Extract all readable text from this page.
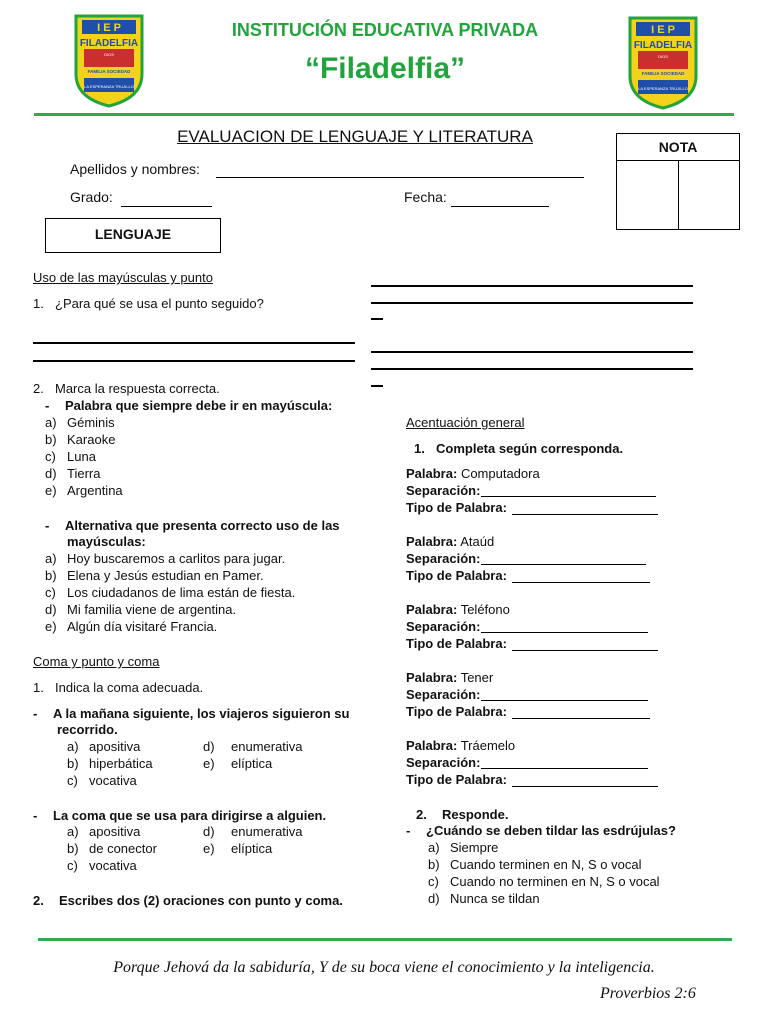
I E P
FILADELFIA
DIOS
FAMILIA SOCIEDAD
LA ESPERANZA TRUJILLO
I E P
FILADELFIA
DIOS
FAMILIA SOCIEDAD
LA ESPERANZA TRUJILLO
INSTITUCIÓN EDUCATIVA PRIVADA
“Filadelfia”
EVALUACION DE LENGUAJE Y LITERATURA
NOTA
Apellidos y nombres:
Grado:	Fecha:
LENGUAJE
Uso de las mayúsculas y punto
1. ¿Para qué se usa el punto seguido?
2. Marca la respuesta correcta.
- Palabra que siempre debe ir en mayúscula:
a) Géminis
b) Karaoke
c) Luna
d) Tierra
e) Argentina
- Alternativa que presenta correcto uso de las
mayúsculas:
a) Hoy buscaremos a carlitos para jugar.
b) Elena y Jesús estudian en Pamer.
c) Los ciudadanos de lima están de fiesta.
d) Mi familia viene de argentina.
e) Algún día visitaré Francia.
Coma y punto y coma
1. Indica la coma adecuada.
- A la mañana siguiente, los viajeros siguieron su
recorrido.
a) apositiva
b) hiperbática
c) vocativa
d) enumerativa
e) elíptica
- La coma que se usa para dirigirse a alguien.
a) apositiva
b) de conector
c) vocativa
d) enumerativa
e) elíptica
2. Escribes dos (2) oraciones con punto y coma.
Acentuación general
1. Completa según corresponda.
Palabra: Computadora
Separación:
Tipo de Palabra:
Palabra: Ataúd
Separación:
Tipo de Palabra:
Palabra: Teléfono
Separación:
Tipo de Palabra:
Palabra: Tener
Separación:
Tipo de Palabra:
Palabra: Tráemelo
Separación:
Tipo de Palabra:
2. Responde.
- ¿Cuándo se deben tildar las esdrújulas?
a) Siempre
b) Cuando terminen en N, S o vocal
c) Cuando no terminen en N, S o vocal
d) Nunca se tildan
Porque Jehová da la sabiduría, Y de su boca viene el conocimiento y la inteligencia.
Proverbios 2:6
